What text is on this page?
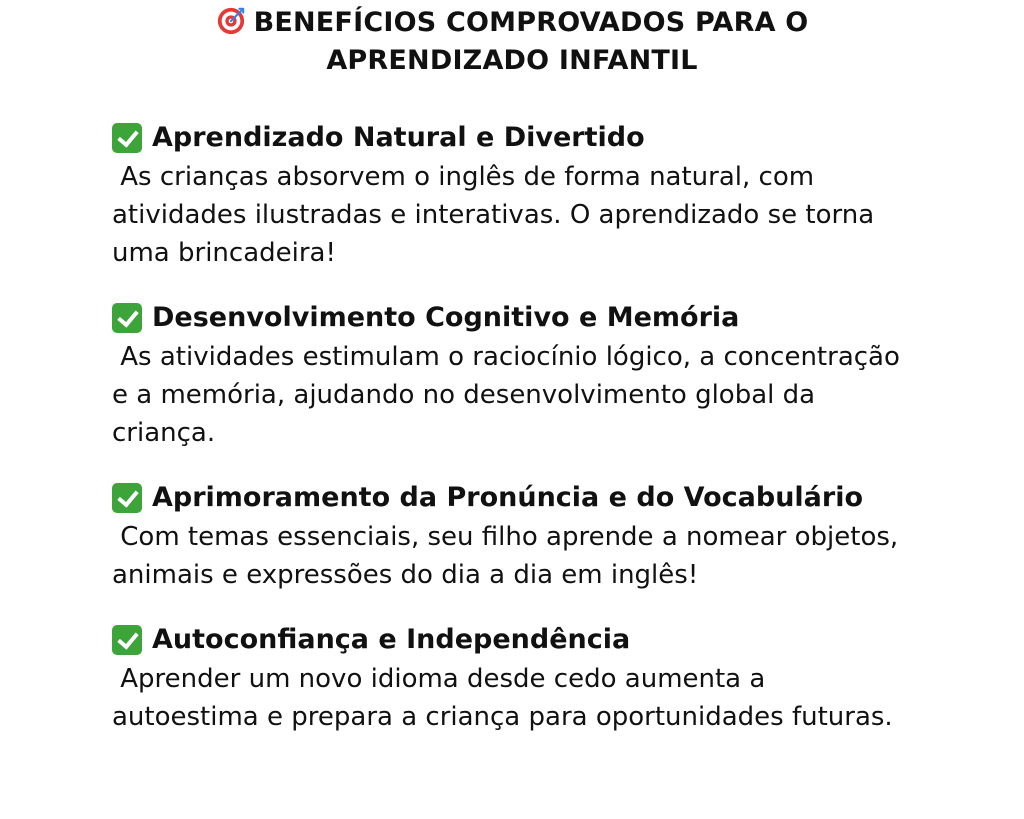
BENEFÍCIOS COMPROVADOS PARA O
APRENDIZADO INFANTIL
Aprendizado Natural e Divertido
As crianças absorvem o inglês de forma natural, com atividades ilustradas e interativas. O aprendizado se torna uma brincadeira!
Desenvolvimento Cognitivo e Memória
As atividades estimulam o raciocínio lógico, a concentração e a memória, ajudando no desenvolvimento global da criança.
Aprimoramento da Pronúncia e do Vocabulário
Com temas essenciais, seu filho aprende a nomear objetos, animais e expressões do dia a dia em inglês!
Autoconfiança e Independência
Aprender um novo idioma desde cedo aumenta a autoestima e prepara a criança para oportunidades futuras.
